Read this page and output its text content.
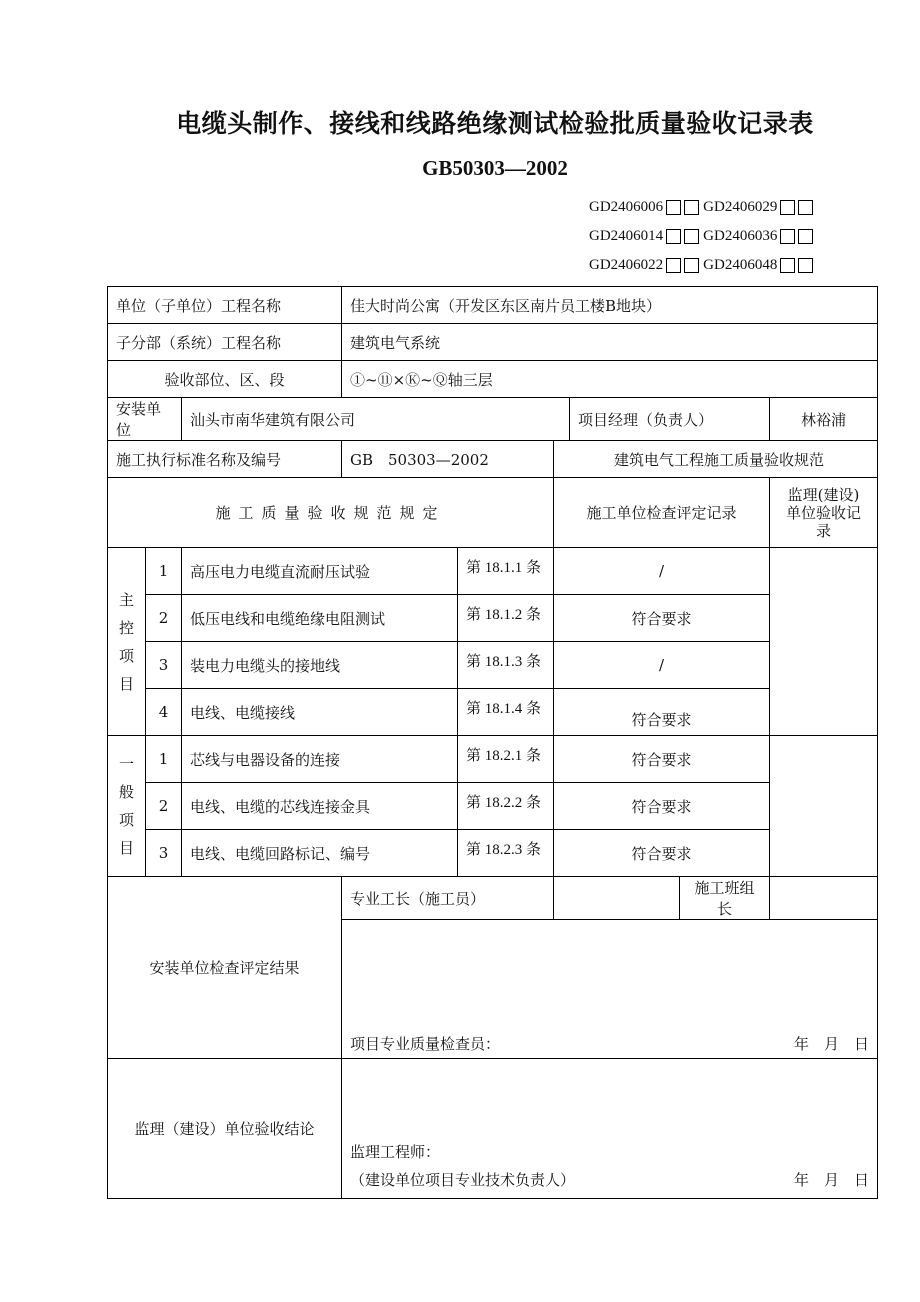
电缆头制作、接线和线路绝缘测试检验批质量验收记录表
GB50303—2002
GD2406006	GD2406029
GD2406014	GD2406036
GD2406022	GD2406048
单位（子单位）工程名称			佳大时尚公寓（开发区东区南片员工楼B地块）					
子分部（系统）工程名称			建筑电气系统					
验收部位、区、段			①~⑪×Ⓚ~Ⓠ轴三层					
安装单位		汕头市南华建筑有限公司				项目经理（负责人）		林裕浦
施工执行标准名称及编号			GB　50303—2002		建筑电气工程施工质量验收规范			
施工质量验收规范规定					施工单位检查评定记录			监理(建设)单位验收记录
主
控
项
目	1	高压电力电缆直流耐压试验		第 18.1.1 条	/			
	2	低压电线和电缆绝缘电阻测试		第 18.1.2 条	符合要求			
	3	装电力电缆头的接地线		第 18.1.3 条	/			
	4	电线、电缆接线		第 18.1.4 条	符合要求			
一
般
项
目	1	芯线与电器设备的连接		第 18.2.1 条	符合要求			
	2	电线、电缆的芯线连接金具		第 18.2.2 条	符合要求			
	3	电线、电缆回路标记、编号		第 18.2.3 条	符合要求			
安装单位检查评定结果			专业工长（施工员）				施工班组长	

			项目专业质量检查员： 年　月　日					

监理（建设）单位验收结论			监理工程师：
（建设单位项目专业技术负责人） 年　月　日					
